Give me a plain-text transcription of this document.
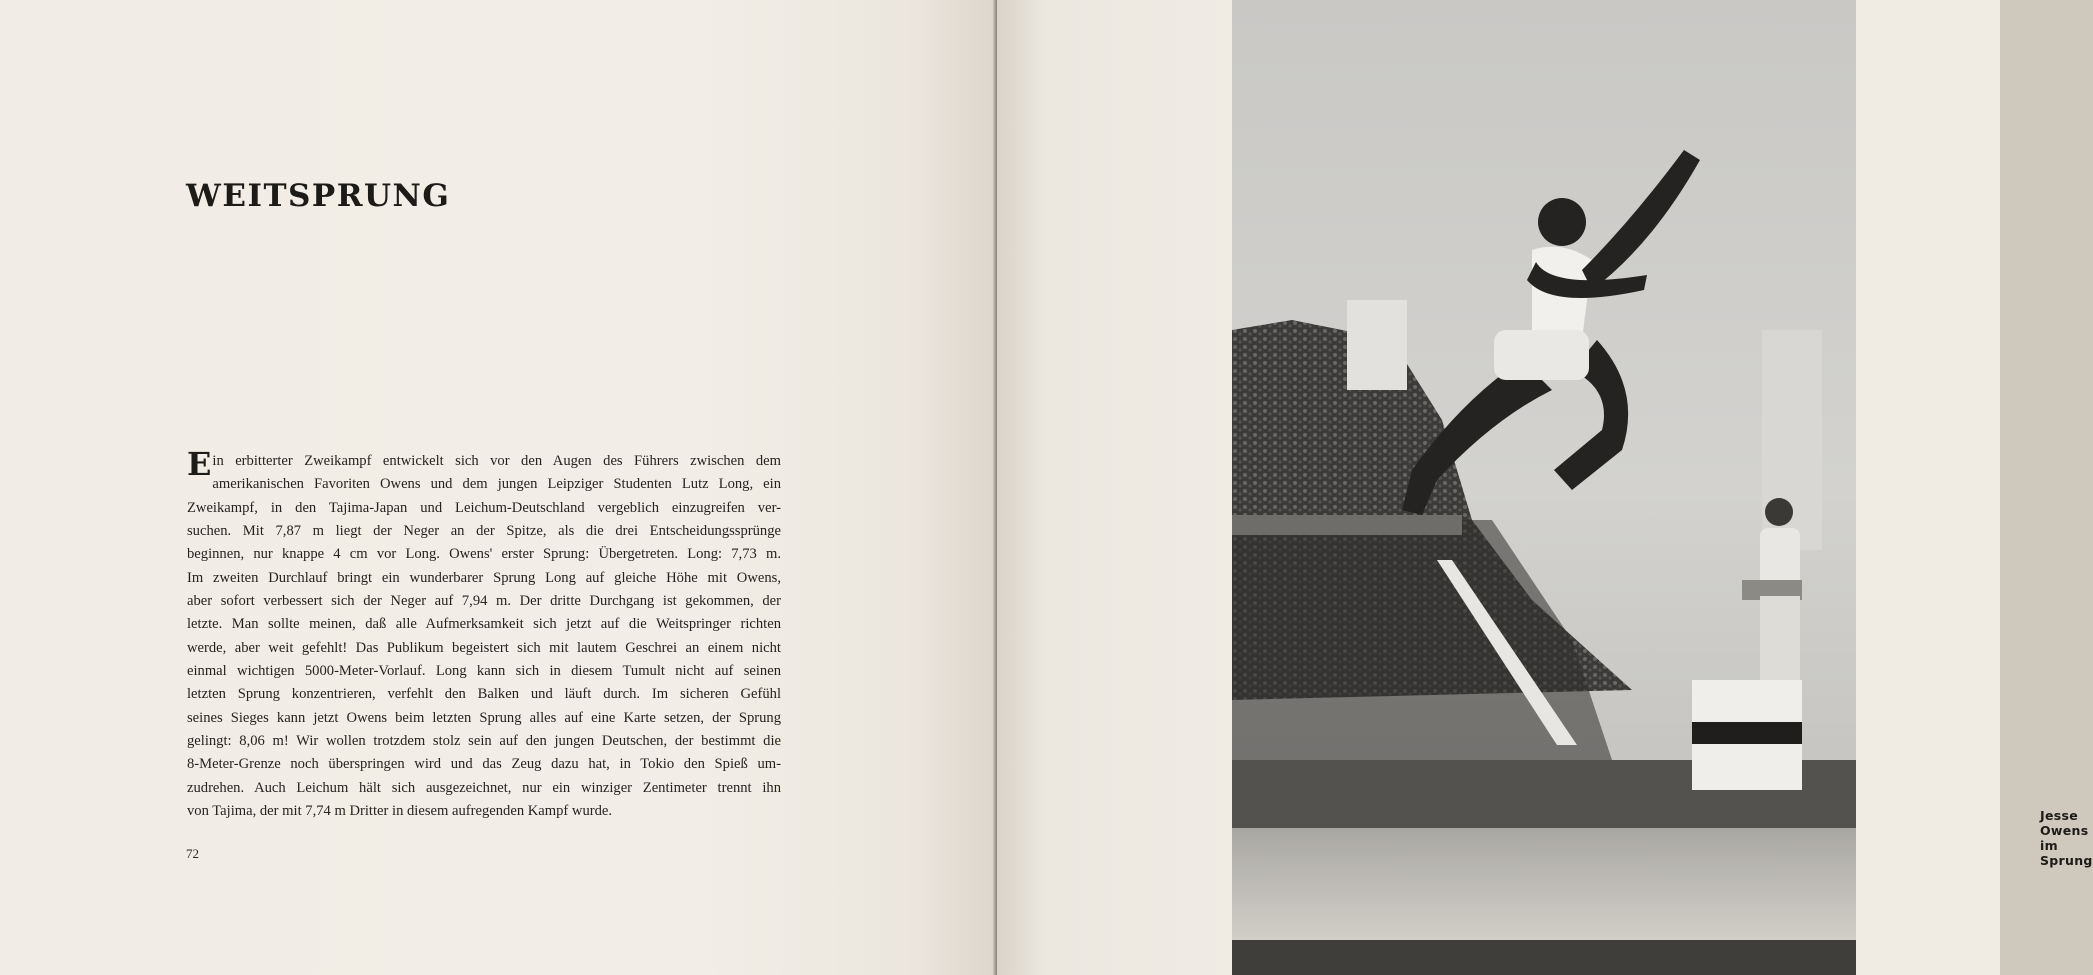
WEITSPRUNG
E in erbitterter Zweikampf entwickelt sich vor den Augen des Führers zwischen dem
amerikanischen Favoriten Owens und dem jungen Leipziger Studenten Lutz Long, ein
Zweikampf, in den Tajima-Japan und Leichum-Deutschland vergeblich einzugreifen ver-
suchen. Mit 7,87 m liegt der Neger an der Spitze, als die drei Entscheidungssprünge
beginnen, nur knappe 4 cm vor Long. Owens' erster Sprung: Übergetreten. Long: 7,73 m.
Im zweiten Durchlauf bringt ein wunderbarer Sprung Long auf gleiche Höhe mit Owens,
aber sofort verbessert sich der Neger auf 7,94 m. Der dritte Durchgang ist gekommen, der
letzte. Man sollte meinen, daß alle Aufmerksamkeit sich jetzt auf die Weitspringer richten
werde, aber weit gefehlt! Das Publikum begeistert sich mit lautem Geschrei an einem nicht
einmal wichtigen 5000-Meter-Vorlauf. Long kann sich in diesem Tumult nicht auf seinen
letzten Sprung konzentrieren, verfehlt den Balken und läuft durch. Im sicheren Gefühl
seines Sieges kann jetzt Owens beim letzten Sprung alles auf eine Karte setzen, der Sprung
gelingt: 8,06 m! Wir wollen trotzdem stolz sein auf den jungen Deutschen, der bestimmt die
8-Meter-Grenze noch überspringen wird und das Zeug dazu hat, in Tokio den Spieß um-
zudrehen. Auch Leichum hält sich ausgezeichnet, nur ein winziger Zentimeter trennt ihn
von Tajima, der mit 7,74 m Dritter in diesem aufregenden Kampf wurde.
72
Jesse Owens im Sprung
